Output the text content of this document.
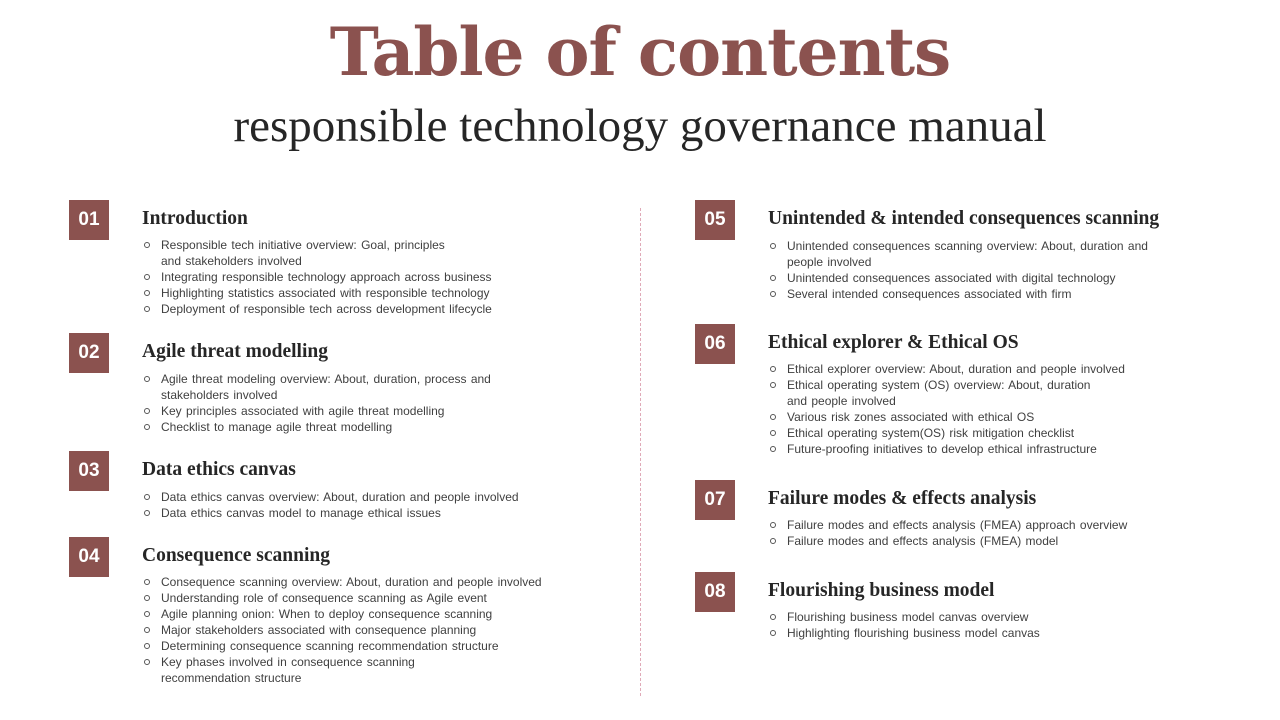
Table of contents
responsible technology governance manual
01	Introduction
Responsible tech initiative overview: Goal, principles
and stakeholders involved
Integrating responsible technology approach across business
Highlighting statistics associated with responsible technology
Deployment of responsible tech across development lifecycle
02	Agile threat modelling
Agile threat modeling overview: About, duration, process and
stakeholders involved
Key principles associated with agile threat modelling
Checklist to manage agile threat modelling
03	Data ethics canvas
Data ethics canvas overview: About, duration and people involved
Data ethics canvas model to manage ethical issues
04	Consequence scanning
Consequence scanning overview: About, duration and people involved
Understanding role of consequence scanning as Agile event
Agile planning onion: When to deploy consequence scanning
Major stakeholders associated with consequence planning
Determining consequence scanning recommendation structure
Key phases involved in consequence scanning
recommendation structure
05	Unintended & intended consequences scanning
Unintended consequences scanning overview: About, duration and
people involved
Unintended consequences associated with digital technology
Several intended consequences associated with firm
06	Ethical explorer & Ethical OS
Ethical explorer overview: About, duration and people involved
Ethical operating system (OS) overview: About, duration
and people involved
Various risk zones associated with ethical OS
Ethical operating system(OS) risk mitigation checklist
Future-proofing initiatives to develop ethical infrastructure
07	Failure modes & effects analysis
Failure modes and effects analysis (FMEA) approach overview
Failure modes and effects analysis (FMEA) model
08	Flourishing business model
Flourishing business model canvas overview
Highlighting flourishing business model canvas
